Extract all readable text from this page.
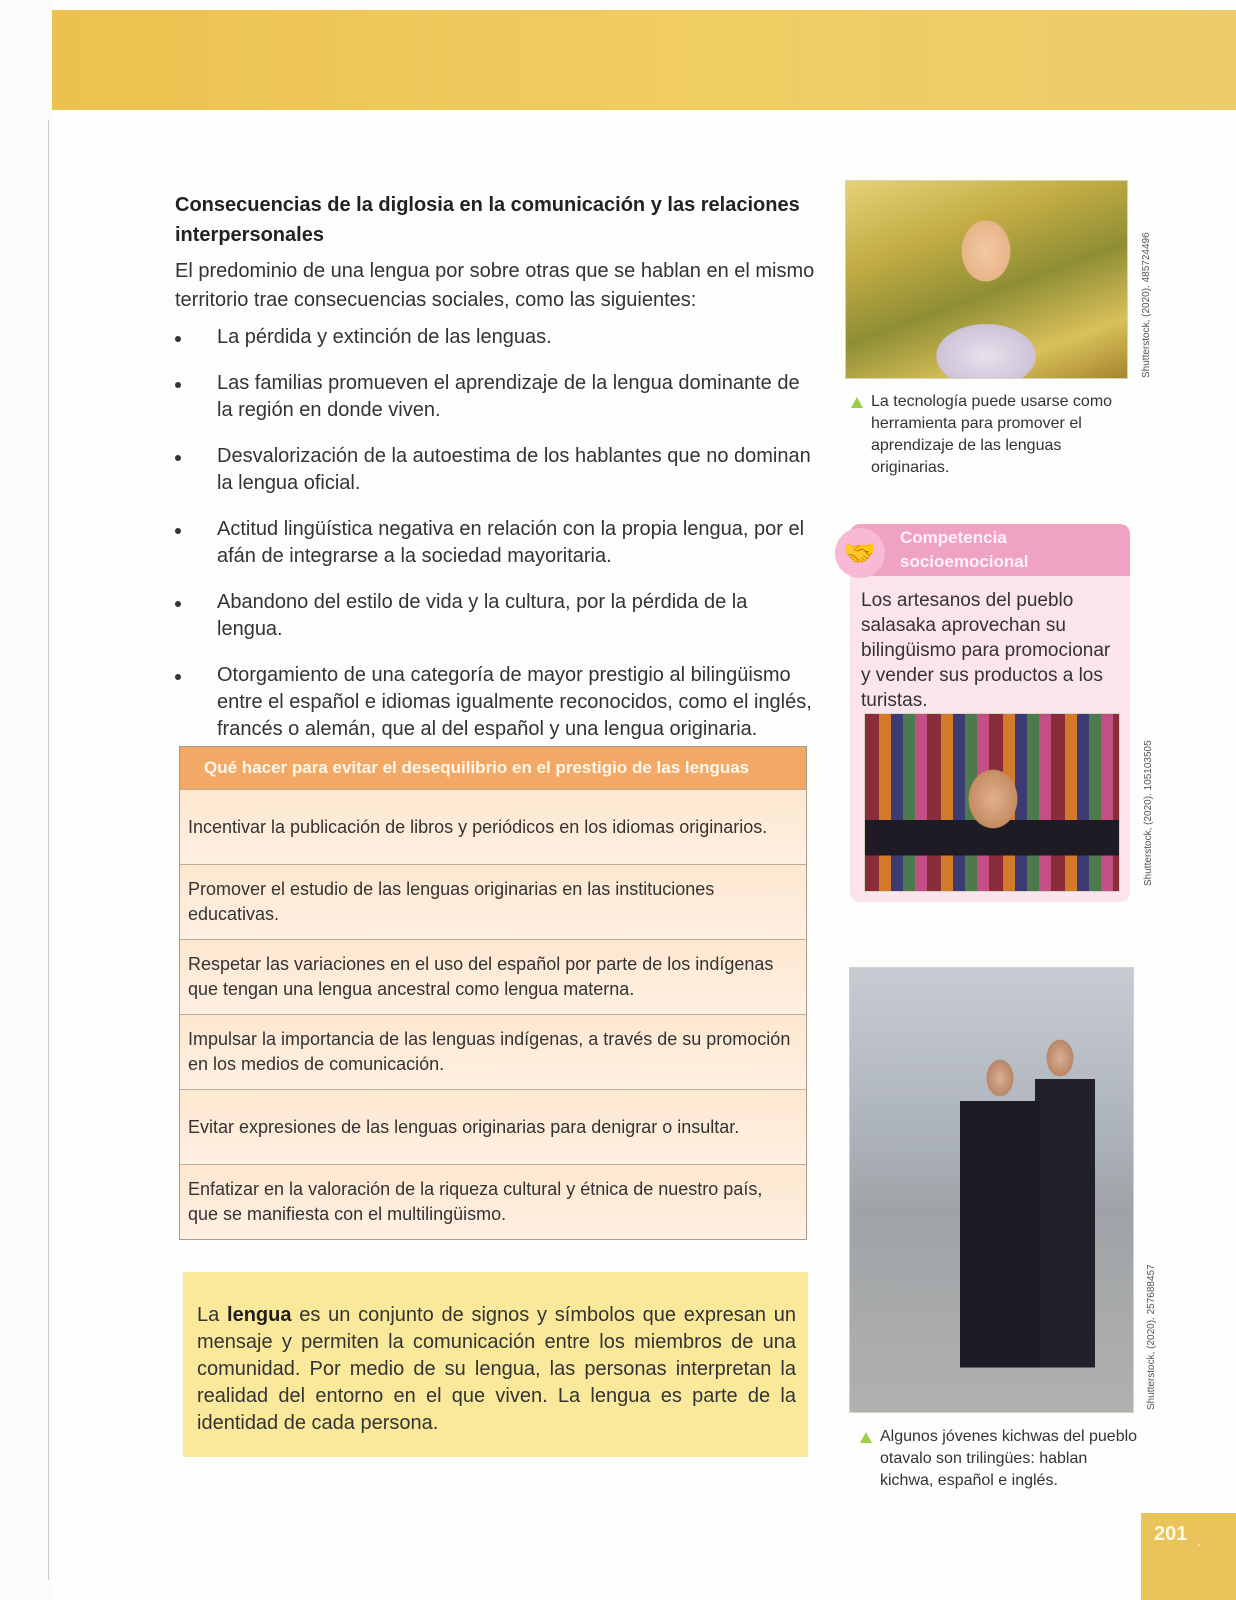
Consecuencias de la diglosia en la comunicación y las relaciones interpersonales
El predominio de una lengua por sobre otras que se hablan en el mismo territorio trae consecuencias sociales, como las siguientes:
La pérdida y extinción de las lenguas.
Las familias promueven el aprendizaje de la lengua dominante de la región en donde viven.
Desvalorización de la autoestima de los hablantes que no dominan la lengua oficial.
Actitud lingüística negativa en relación con la propia lengua, por el afán de integrarse a la sociedad mayoritaria.
Abandono del estilo de vida y la cultura, por la pérdida de la lengua.
Otorgamiento de una categoría de mayor prestigio al bilingüismo entre el español e idiomas igualmente reconocidos, como el inglés, francés o alemán, que al del español y una lengua originaria.
Qué hacer para evitar el desequilibrio en el prestigio de las lenguas
Incentivar la publicación de libros y periódicos en los idiomas originarios.
Promover el estudio de las lenguas originarias en las instituciones educativas.
Respetar las variaciones en el uso del español por parte de los indígenas que tengan una lengua ancestral como lengua materna.
Impulsar la importancia de las lenguas indígenas, a través de su promoción en los medios de comunicación.
Evitar expresiones de las lenguas originarias para denigrar o insultar.
Enfatizar en la valoración de la riqueza cultural y étnica de nuestro país, que se manifiesta con el multilingüismo.
La lengua es un conjunto de signos y símbolos que expresan un mensaje y permiten la comunicación entre los miembros de una comunidad. Por medio de su lengua, las personas interpretan la realidad del entorno en el que viven. La lengua es parte de la identidad de cada persona.
Shutterstock, (2020). 485724496
La tecnología puede usarse como herramienta para promover el aprendizaje de las lenguas originarias.
🤝	Competencia socioemocional
Los artesanos del pueblo salasaka aprovechan su bilingüismo para promocionar y vender sus productos a los turistas.
Shutterstock, (2020). 105103505
Shutterstock, (2020). 257688457
Algunos jóvenes kichwas del pueblo otavalo son trilingües: hablan kichwa, español e inglés.
201 .
